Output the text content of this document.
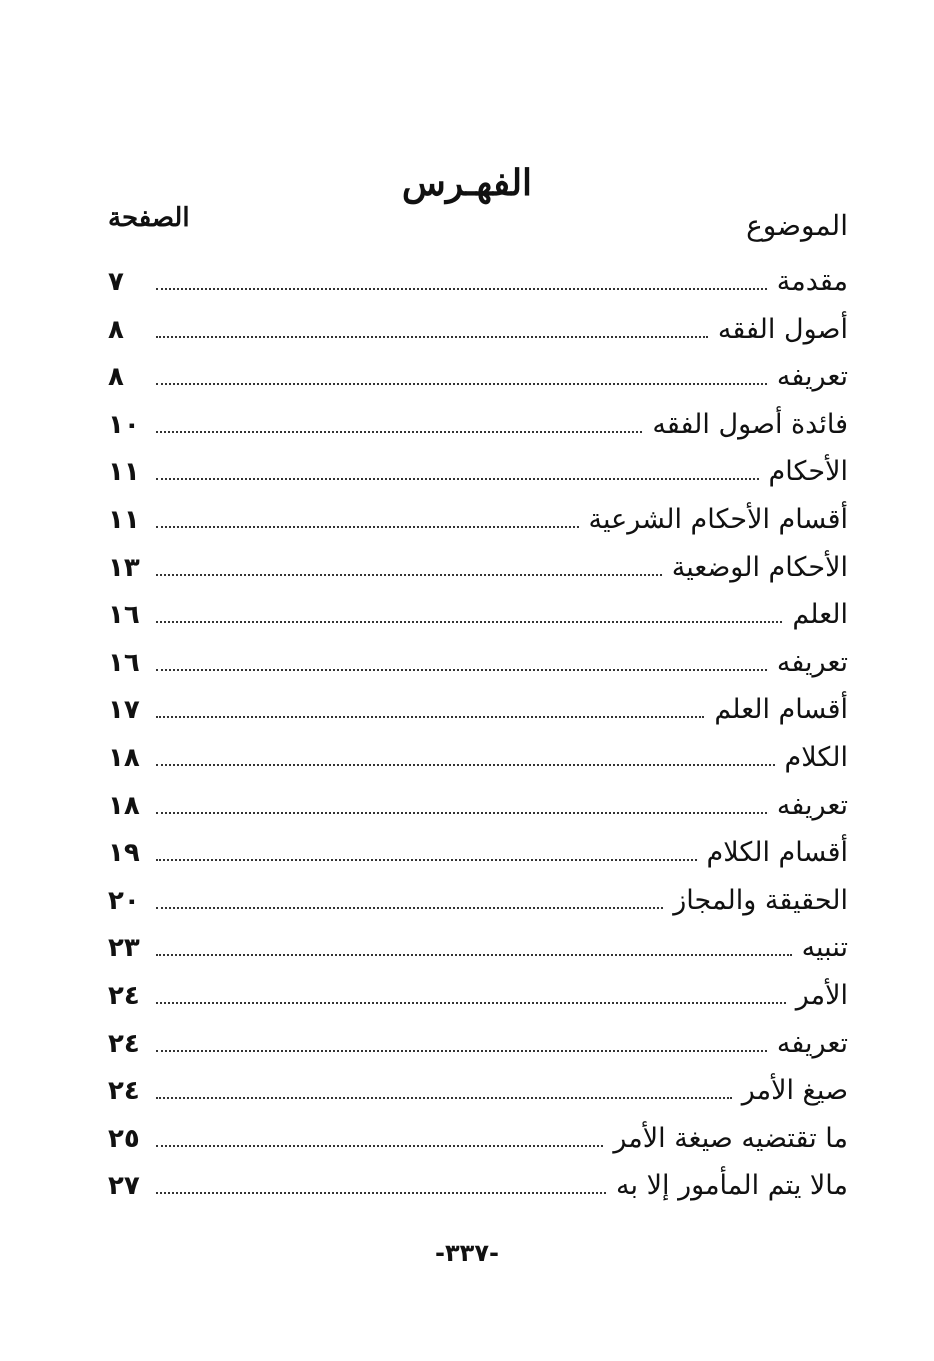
الفهـرس
الموضوع
الصفحة
مقدمة
٧
أصول الفقه
٨
تعريفه
٨
فائدة أصول الفقه
١٠
الأحكام
١١
أقسام الأحكام الشرعية
١١
الأحكام الوضعية
١٣
العلم
١٦
تعريفه
١٦
أقسام العلم
١٧
الكلام
١٨
تعريفه
١٨
أقسام الكلام
١٩
الحقيقة والمجاز
٢٠
تنبيه
٢٣
الأمر
٢٤
تعريفه
٢٤
صيغ الأمر
٢٤
ما تقتضيه صيغة الأمر
٢٥
مالا يتم المأمور إلا به
٢٧
-٣٣٧-
